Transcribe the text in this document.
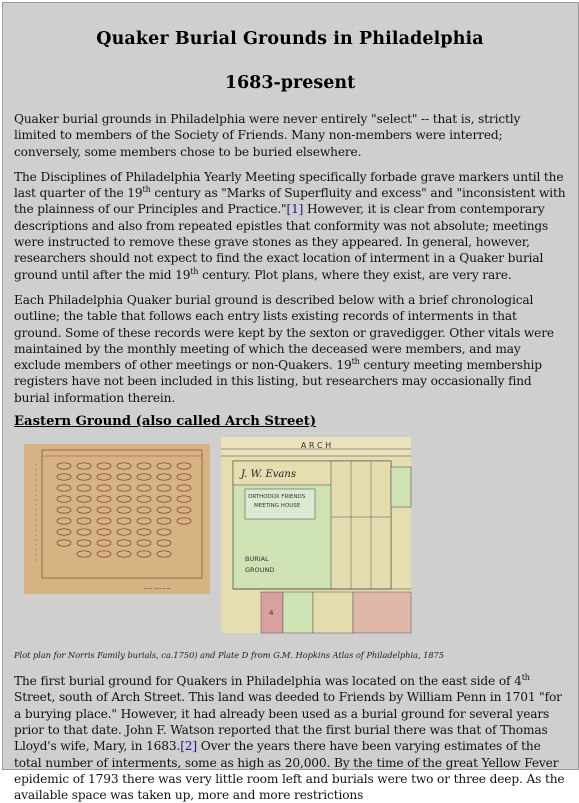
Quaker Burial Grounds in Philadelphia
1683-present

Quaker burial grounds in Philadelphia were never entirely "select" -- that is, strictly limited to members of the Society of Friends. Many non-members were interred; conversely, some members chose to be buried elsewhere.

The Disciplines of Philadelphia Yearly Meeting specifically forbade grave markers until the last quarter of the 19th century as "Marks of Superfluity and excess" and "inconsistent with the plainness of our Principles and Practice."[1] However, it is clear from contemporary descriptions and also from repeated epistles that conformity was not absolute; meetings were instructed to remove these grave stones as they appeared. In general, however, researchers should not expect to find the exact location of interment in a Quaker burial ground until after the mid 19th century. Plot plans, where they exist, are very rare.

Each Philadelphia Quaker burial ground is described below with a brief chronological outline; the table that follows each entry lists existing records of interments in that ground. Some of these records were kept by the sexton or gravedigger. Other vitals were maintained by the monthly meeting of which the deceased were members, and may exclude members of other meetings or non-Quakers. 19th century meeting membership registers have not been included in this listing, but researchers may occasionally find burial information therein.

Eastern Ground (also called Arch Street)
~~ ~~~~
A R C H
J. W. Evans
ORTHODOX FRIENDS
MEETING HOUSE
BURIAL
GROUND
4
Plot plan for Norris Family burials, ca.1750) and Plate D from G.M. Hopkins Atlas of Philadelphia, 1875

The first burial ground for Quakers in Philadelphia was located on the east side of 4th Street, south of Arch Street. This land was deeded to Friends by William Penn in 1701 "for a burying place." However, it had already been used as a burial ground for several years prior to that date. John F. Watson reported that the first burial there was that of Thomas Lloyd's wife, Mary, in 1683.[2] Over the years there have been varying estimates of the total number of interments, some as high as 20,000. By the time of the great Yellow Fever epidemic of 1793 there was very little room left and burials were two or three deep. As the available space was taken up, more and more restrictions
